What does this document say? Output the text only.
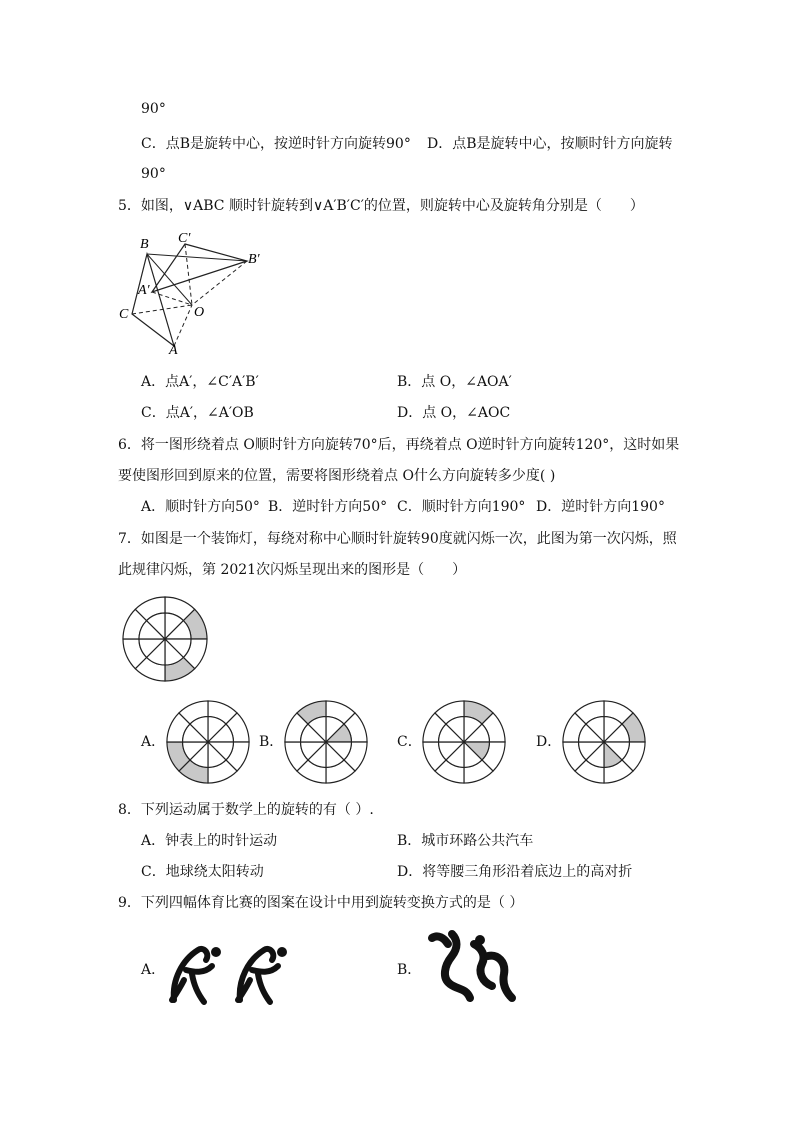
90°
C．点B是旋转中心，按逆时针方向旋转90° D．点B是旋转中心，按顺时针方向旋转
90°
5．如图，∨ABC 顺时针旋转到∨A′B′C′的位置，则旋转中心及旋转角分别是（　　）
B C′
B′
A′
C	O
A
A．点A′，∠C′A′B′	B．点 O，∠AOA′
C．点A′，∠A′OB	D．点 O，∠AOC
6．将一图形绕着点 O顺时针方向旋转70°后，再绕着点 O逆时针方向旋转120°，这时如果
要使图形回到原来的位置，需要将图形绕着点 O什么方向旋转多少度( )
A．顺时针方向50° B．逆时针方向50° C．顺时针方向190° D．逆时针方向190°
7．如图是一个装饰灯，每绕对称中心顺时针旋转90度就闪烁一次，此图为第一次闪烁，照
此规律闪烁，第 2021次闪烁呈现出来的图形是（　　）
A．	B．	C．	D．
8．下列运动属于数学上的旋转的有（ ）.
A．钟表上的时针运动	B．城市环路公共汽车
C．地球绕太阳转动	D．将等腰三角形沿着底边上的高对折
9．下列四幅体育比赛的图案在设计中用到旋转变换方式的是（ ）
A．	B．
